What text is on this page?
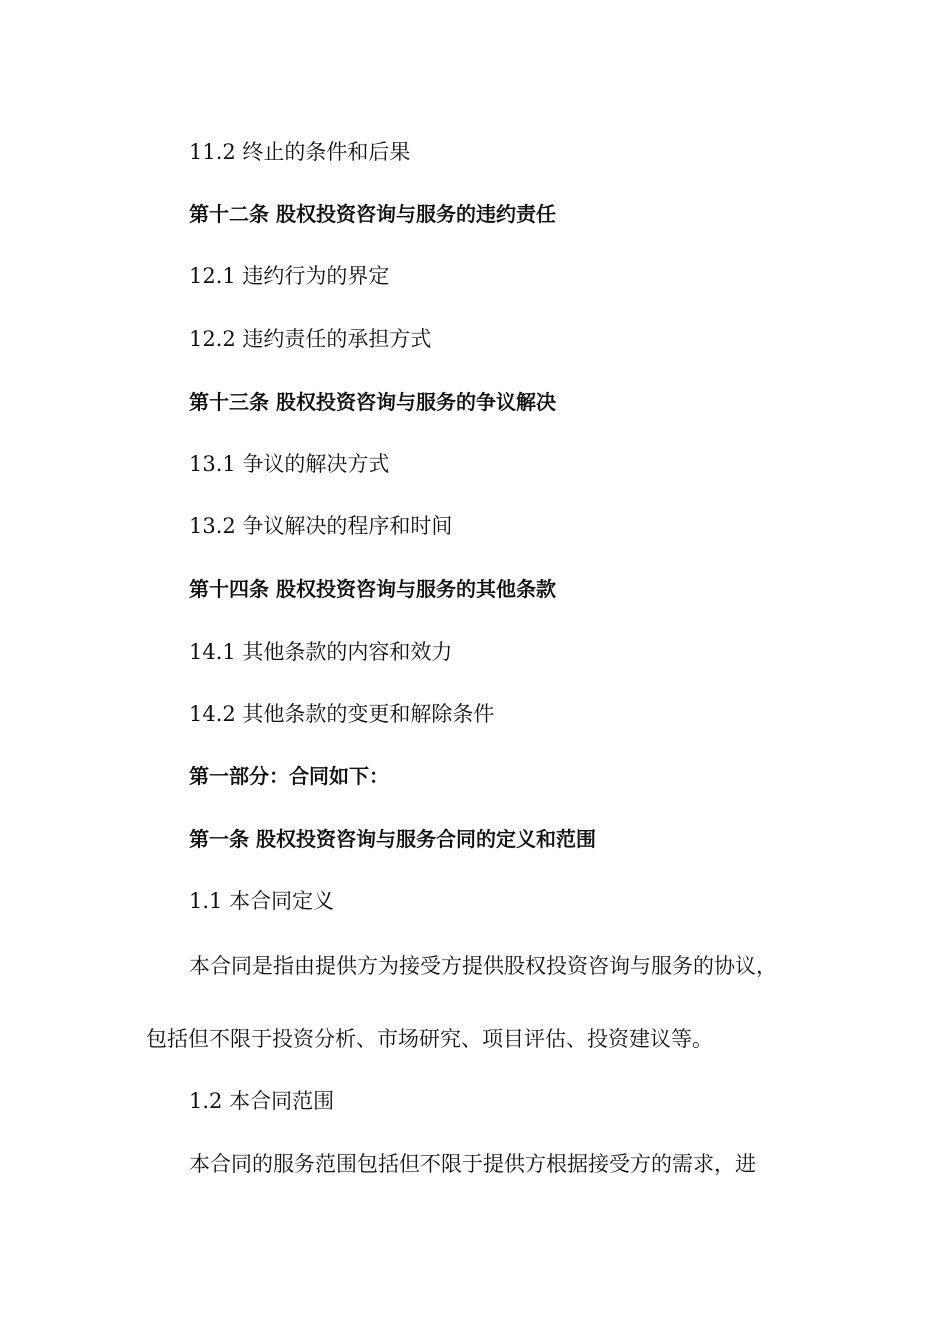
11.2 终止的条件和后果
第十二条 股权投资咨询与服务的违约责任
12.1 违约行为的界定
12.2 违约责任的承担方式
第十三条 股权投资咨询与服务的争议解决
13.1 争议的解决方式
13.2 争议解决的程序和时间
第十四条 股权投资咨询与服务的其他条款
14.1 其他条款的内容和效力
14.2 其他条款的变更和解除条件
第一部分：合同如下：
第一条 股权投资咨询与服务合同的定义和范围
1.1 本合同定义
本合同是指由提供方为接受方提供股权投资咨询与服务的协议，
包括但不限于投资分析、市场研究、项目评估、投资建议等。
1.2 本合同范围
本合同的服务范围包括但不限于提供方根据接受方的需求，进
